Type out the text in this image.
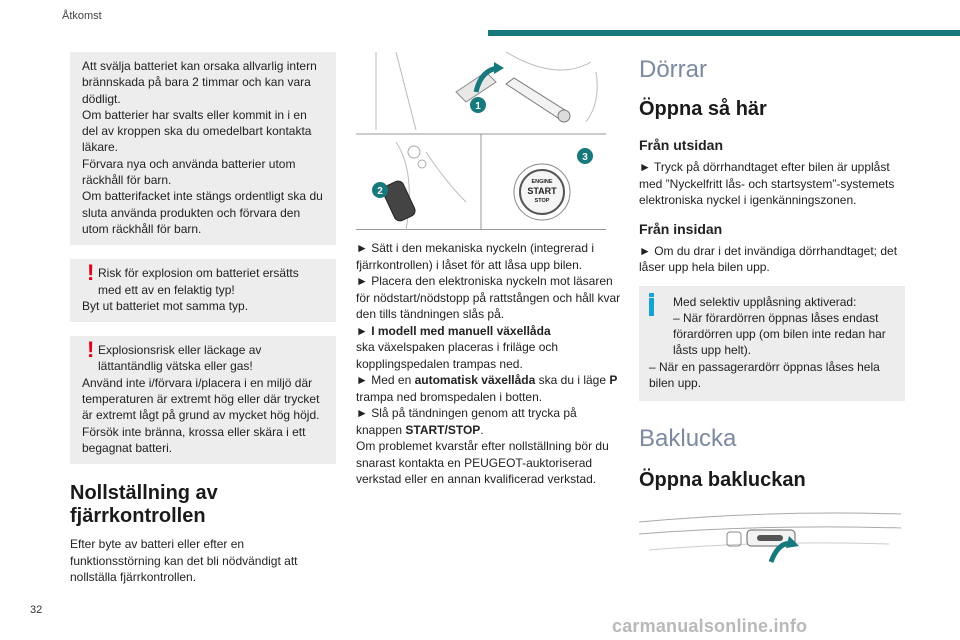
Åtkomst

Att svälja batteriet kan orsaka allvarlig intern brännskada på bara 2 timmar och kan vara dödligt.

Om batterier har svalts eller kommit in i en del av kroppen ska du omedelbart kontakta läkare.

Förvara nya och använda batterier utom räckhåll för barn.

Om batterifacket inte stängs ordentligt ska du sluta använda produkten och förvara den utom räckhåll för barn.

! Risk för explosion om batteriet ersätts med ett av en felaktig typ!

Byt ut batteriet mot samma typ.

! Explosionsrisk eller läckage av lättantändlig vätska eller gas!

Använd inte i/förvara i/placera i en miljö där temperaturen är extremt hög eller där trycket är extremt lågt på grund av mycket hög höjd. Försök inte bränna, krossa eller skära i ett begagnat batteri.

Nollställning av fjärrkontrollen

Efter byte av batteri eller efter en funktionsstörning kan det bli nödvändigt att nollställa fjärrkontrollen.

1
2
ENGINE
START
STOP
3

► Sätt i den mekaniska nyckeln (integrerad i fjärrkontrollen) i låset för att låsa upp bilen.

► Placera den elektroniska nyckeln mot läsaren för nödstart/nödstopp på rattstången och håll kvar den tills tändningen slås på.

► I modell med manuell växellåda

ska växelspaken placeras i friläge och kopplingspedalen trampas ned.

► Med en automatisk växellåda ska du i läge P trampa ned bromspedalen i botten.

► Slå på tändningen genom att trycka på knappen START/STOP.

Om problemet kvarstår efter nollställning bör du snarast kontakta en PEUGEOT-auktoriserad verkstad eller en annan kvalificerad verkstad.

Dörrar
Öppna så här
Från utsidan

► Tryck på dörrhandtaget efter bilen är upplåst med ”Nyckelfritt lås- och startsystem”-systemets elektroniska nyckel i igenkänningszonen.

Från insidan

► Om du drar i det invändiga dörrhandtaget; det låser upp hela bilen upp.

Med selektiv upplåsning aktiverad:

– När förardörren öppnas låses endast förardörren upp (om bilen inte redan har låsts upp helt).

– När en passagerardörr öppnas låses hela bilen upp.

Baklucka
Öppna bakluckan
32
carmanualsonline.info
